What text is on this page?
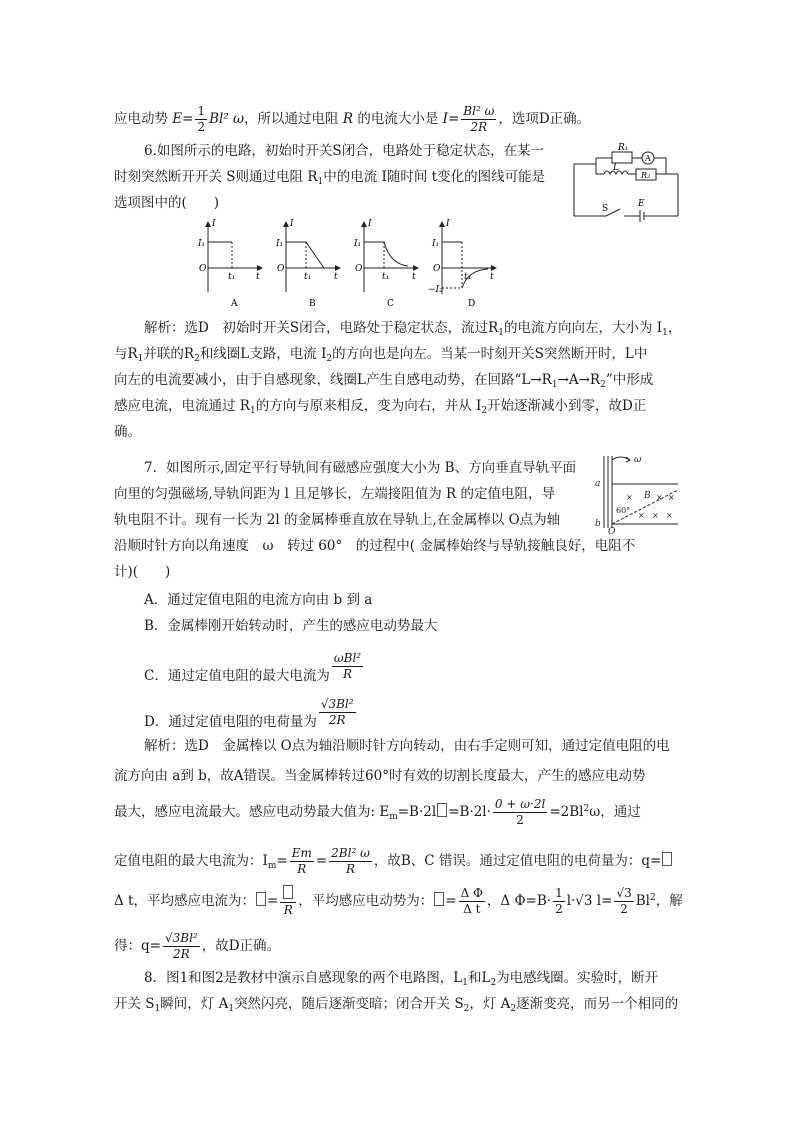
应电动势 $E= \frac{1}{2} Bl^2$ ω，所以通过电阻 R 的电流大小是 $I= \frac{\text{Bl² ω}}{2R}$ ，选项D正确。
6.如图所示的电路，初始时开关S闭合，电路处于稳定状态，在某一
时刻突然断开开关 S则通过电阻 $R_1$中的电流 I随时间 t变化的图线可能是
选项图中的(　　)
R₁
A
L
R₂
S	E
I
I₁
O
t₁ t
A
I
I₁
O
t₁	t
B
I
I₁
O
t₁	t
C
I
I₁
O
t₁ t
−I₂
D
解析：选D　初始时开关S闭合，电路处于稳定状态，流过$R_1$的电流方向向左，大小为 $I_1$，
与$R_1$并联的$R_2$和线圈L支路，电流 $I_2$的方向也是向左。当某一时刻开关S突然断开时，L中
向左的电流要减小，由于自感现象，线圈L产生自感电动势，在回路“$L\to R_1\to A\to R_2$”中形成
感应电流，电流通过 $R_1$的方向与原来相反，变为向右，并从 $I_2$开始逐渐减小到零，故D正
确。
7．如图所示,固定平行导轨间有磁感应强度大小为 B、方向垂直导轨平面
向里的匀强磁场,导轨间距为 l 且足够长，左端接阻值为 R 的定值电阻，导
轨电阻不计。现有一长为 2l 的金属棒垂直放在导轨上,在金属棒以 O点为轴
沿顺时针方向以角速度　ω　转过 60°　的过程中( 金属棒始终与导轨接触良好，电阻不
计)(　　)
ω
a
b
B
O
60°
×	× ×
× × ×
A．通过定值电阻的电流方向由 b 到 a
B．金属棒刚开始转动时，产生的感应电动势最大
C．通过定值电阻的最大电流为 $\frac{\text{ωBl²}}{R}$
D．通过定值电阻的电荷量为 $\frac{\text{√3Bl²}}{2R}$
解析：选D　金属棒以 O点为轴沿顺时针方向转动，由右手定则可知，通过定值电阻的电
流方向由 a到 b，故A错误。当金属棒转过60°时有效的切割长度最大，产生的感应电动势
最大，感应电流最大。感应电动势最大值为: $E_m=B\cdot 2l =B\cdot 2l\cdot \frac{0 + \omega\cdot 2l}{2} =2Bl^2\omega$，通过
定值电阻的最大电流为：$I_m= \frac{Em}{R} = \frac{\text{2Bl² ω}}{R}$ ，故B、C 错误。通过定值电阻的电荷量为：q=
Δ t，平均感应电流为： =
R
，平均感应电动势为： = $\frac{\text{Δ Φ}}{\text{Δ t}}$ ，Δ $\Phi=B\cdot \frac{1}{2} l\cdot√3$ $l= \frac{√3}{2} Bl^2$，解
得：$q= \frac{\text{√3Bl²}}{2R}$ ，故D正确。
8．图1和图2是教材中演示自感现象的两个电路图，$L_1$和$L_2$为电感线圈。实验时，断开
开关 $S_1$瞬间，灯 $A_1$突然闪亮，随后逐渐变暗；闭合开关 $S_2$，灯 $A_2$逐渐变亮，而另一个相同的
